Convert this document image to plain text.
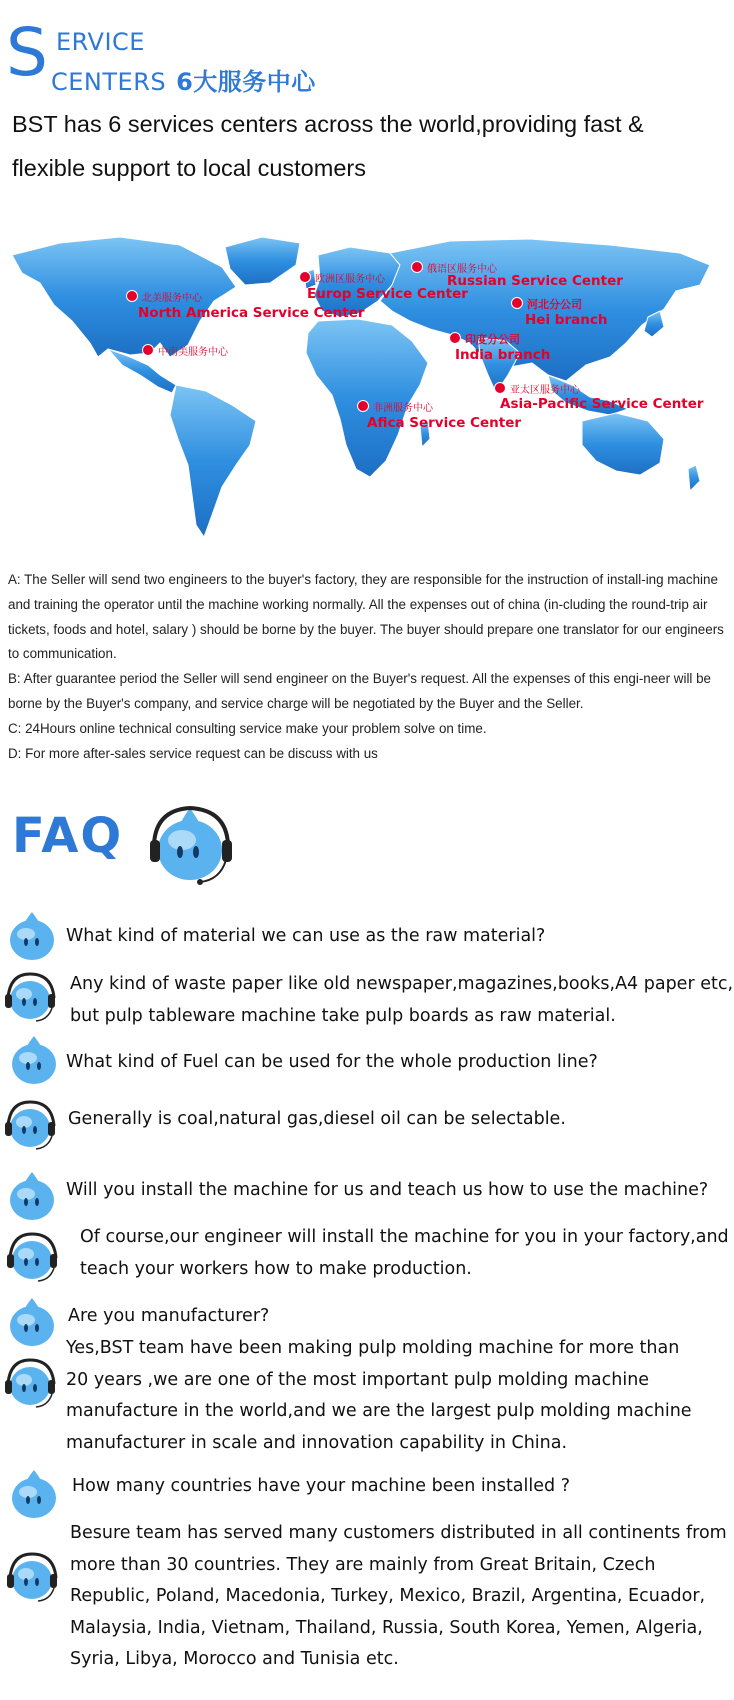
S ERVICE
CENTERS 6大服务中心
BST has 6 services centers across the world,providing fast & flexible support to local customers
北美服务中心
North America Service Center
中南美服务中心
欧洲区服务中心
Europ Service Center
俄语区服务中心
Russian Service Center
河北分公司
Hei branch
印度分公司
India branch
亚太区服务中心
Asia-Pacific Service Center
非洲服务中心
Afica Service Center

A: The Seller will send two engineers to the buyer's factory, they are responsible for the instruction of install-ing machine and training the operator until the machine working normally. All the expenses out of china (in-cluding the round-trip air tickets, foods and hotel, salary ) should be borne by the buyer. The buyer should prepare one translator for our engineers to communication.

B: After guarantee period the Seller will send engineer on the Buyer's request. All the expenses of this engi-neer will be borne by the Buyer's company, and service charge will be negotiated by the Buyer and the Seller.

C: 24Hours online technical consulting service make your problem solve on time.

D: For more after-sales service request can be discuss with us

FAQ
What kind of material we can use as the raw material?
Any kind of waste paper like old newspaper,magazines,books,A4 paper etc, but pulp tableware machine take pulp boards as raw material.
What kind of Fuel can be used for the whole production line?
Generally is coal,natural gas,diesel oil can be selectable.
Will you install the machine for us and teach us how to use the machine?
Of course,our engineer will install the machine for you in your factory,and teach your workers how to make production.
Are you manufacturer?
Yes,BST team have been making pulp molding machine for more than 20 years ,we are one of the most important pulp molding machine manufacture in the world,and we are the largest pulp molding machine manufacturer in scale and innovation capability in China.
How many countries have your machine been installed ?
Besure team has served many customers distributed in all continents from more than 30 countries. They are mainly from Great Britain, Czech Republic, Poland, Macedonia, Turkey, Mexico, Brazil, Argentina, Ecuador, Malaysia, India, Vietnam, Thailand, Russia, South Korea, Yemen, Algeria, Syria, Libya, Morocco and Tunisia etc.
